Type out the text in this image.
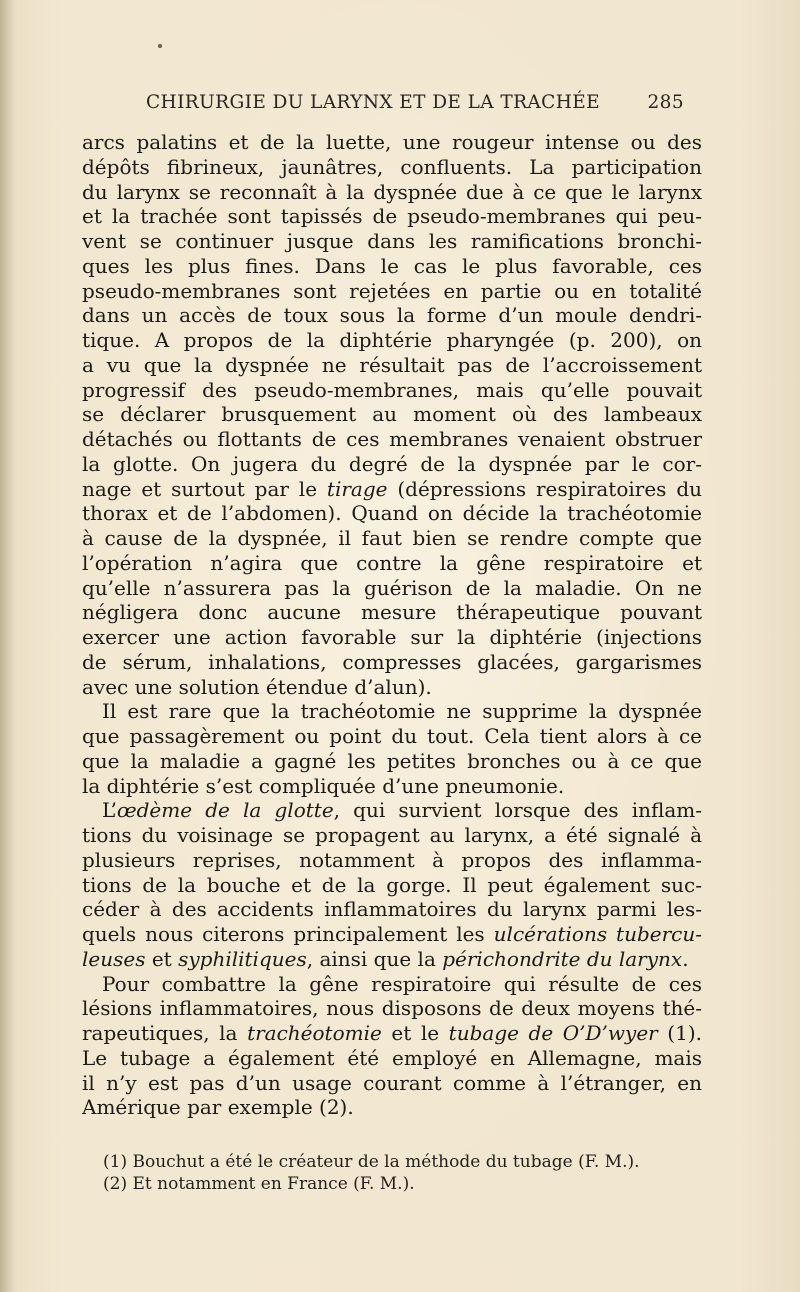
CHIRURGIE DU LARYNX ET DE LA TRACHÉE	285
arcs palatins et de la luette, une rougeur intense ou des
dépôts fibrineux, jaunâtres, confluents. La participation
du larynx se reconnaît à la dyspnée due à ce que le larynx
et la trachée sont tapissés de pseudo-membranes qui peu-
vent se continuer jusque dans les ramifications bronchi-
ques les plus fines. Dans le cas le plus favorable, ces
pseudo-membranes sont rejetées en partie ou en totalité
dans un accès de toux sous la forme d’un moule dendri-
tique. A propos de la diphtérie pharyngée (p. 200), on
a vu que la dyspnée ne résultait pas de l’accroissement
progressif des pseudo-membranes, mais qu’elle pouvait
se déclarer brusquement au moment où des lambeaux
détachés ou flottants de ces membranes venaient obstruer
la glotte. On jugera du degré de la dyspnée par le cor-
nage et surtout par le tirage (dépressions respiratoires du
thorax et de l’abdomen). Quand on décide la trachéotomie
à cause de la dyspnée, il faut bien se rendre compte que
l’opération n’agira que contre la gêne respiratoire et
qu’elle n’assurera pas la guérison de la maladie. On ne
négligera donc aucune mesure thérapeutique pouvant
exercer une action favorable sur la diphtérie (injections
de sérum, inhalations, compresses glacées, gargarismes
avec une solution étendue d’alun).
Il est rare que la trachéotomie ne supprime la dyspnée
que passagèrement ou point du tout. Cela tient alors à ce
que la maladie a gagné les petites bronches ou à ce que
la diphtérie s’est compliquée d’une pneumonie.
L’œdème de la glotte, qui survient lorsque des inflam-
tions du voisinage se propagent au larynx, a été signalé à
plusieurs reprises, notamment à propos des inflamma-
tions de la bouche et de la gorge. Il peut également suc-
céder à des accidents inflammatoires du larynx parmi les-
quels nous citerons principalement les ulcérations tubercu-
leuses et syphilitiques, ainsi que la périchondrite du larynx.
Pour combattre la gêne respiratoire qui résulte de ces
lésions inflammatoires, nous disposons de deux moyens thé-
rapeutiques, la trachéotomie et le tubage de O’D’wyer (1).
Le tubage a également été employé en Allemagne, mais
il n’y est pas d’un usage courant comme à l’étranger, en
Amérique par exemple (2).
(1) Bouchut a été le créateur de la méthode du tubage (F. M.).
(2) Et notamment en France (F. M.).
